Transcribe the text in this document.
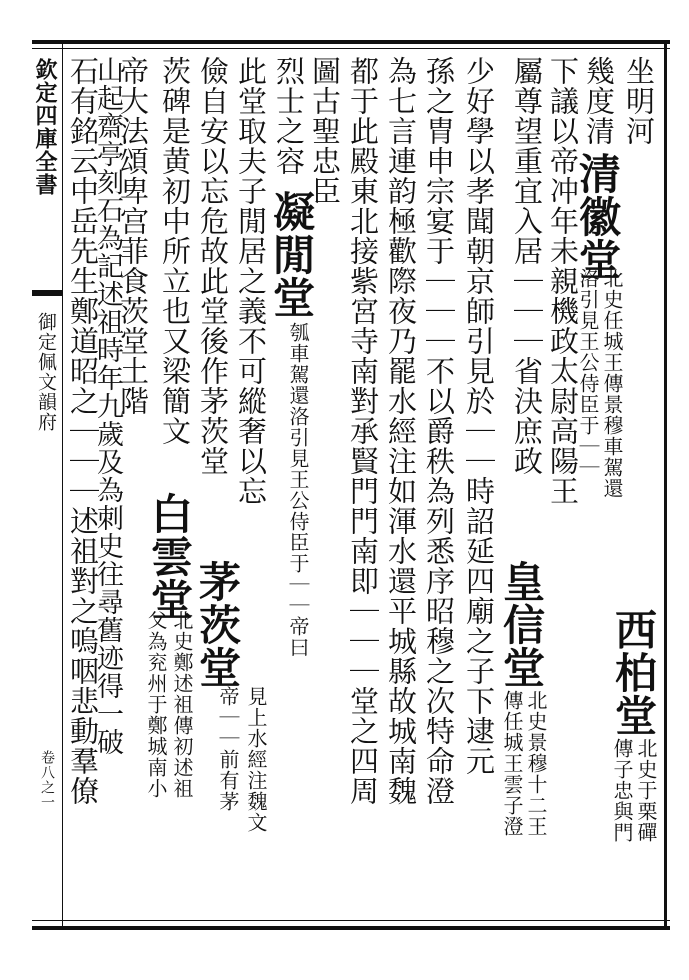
欽定四庫全書
御定佩文韻府
卷八之一
坐明河
西柏堂
北史于栗磾
傳子忠與門
幾度清
清徽堂
北史任城王傳景穆車駕還
洛引見王公侍臣于｜｜
下議以帝冲年未親機政太尉高陽王
屬尊望重宜入居｜｜｜省決庶政
皇信堂
北史景穆十二王
傳任城王雲子澄
少好學以孝聞朝京師引見於｜｜時詔延四廟之子下逮元
孫之胄申宗宴于｜｜｜不以爵秩為列悉序昭穆之次特命澄
為七言連韵極歡際夜乃罷水經注如渾水還平城縣故城南魏
都于此殿東北接紫宮寺南對承賢門門南即｜｜｜堂之四周
圖古聖忠臣
烈士之容
凝閒堂
瓠車駕還洛引見王公侍臣于｜｜帝曰
此堂取夫子閒居之義不可縱奢以忘
儉自安以忘危故此堂後作茅茨堂
茅茨堂
見上水經注魏文
帝｜｜前有茅
茨碑是黄初中所立也又梁簡文
白雲堂
北史鄭述祖傳初述祖
父為兖州于鄭城南小
帝大法頌卑宫菲食茨堂土階
石有銘云中岳先生鄭道昭之｜｜｜述祖對之嗚咽悲動羣僚
山起齋亭刻石為記述祖時年九歲及為刺史往尋舊迹得一破
